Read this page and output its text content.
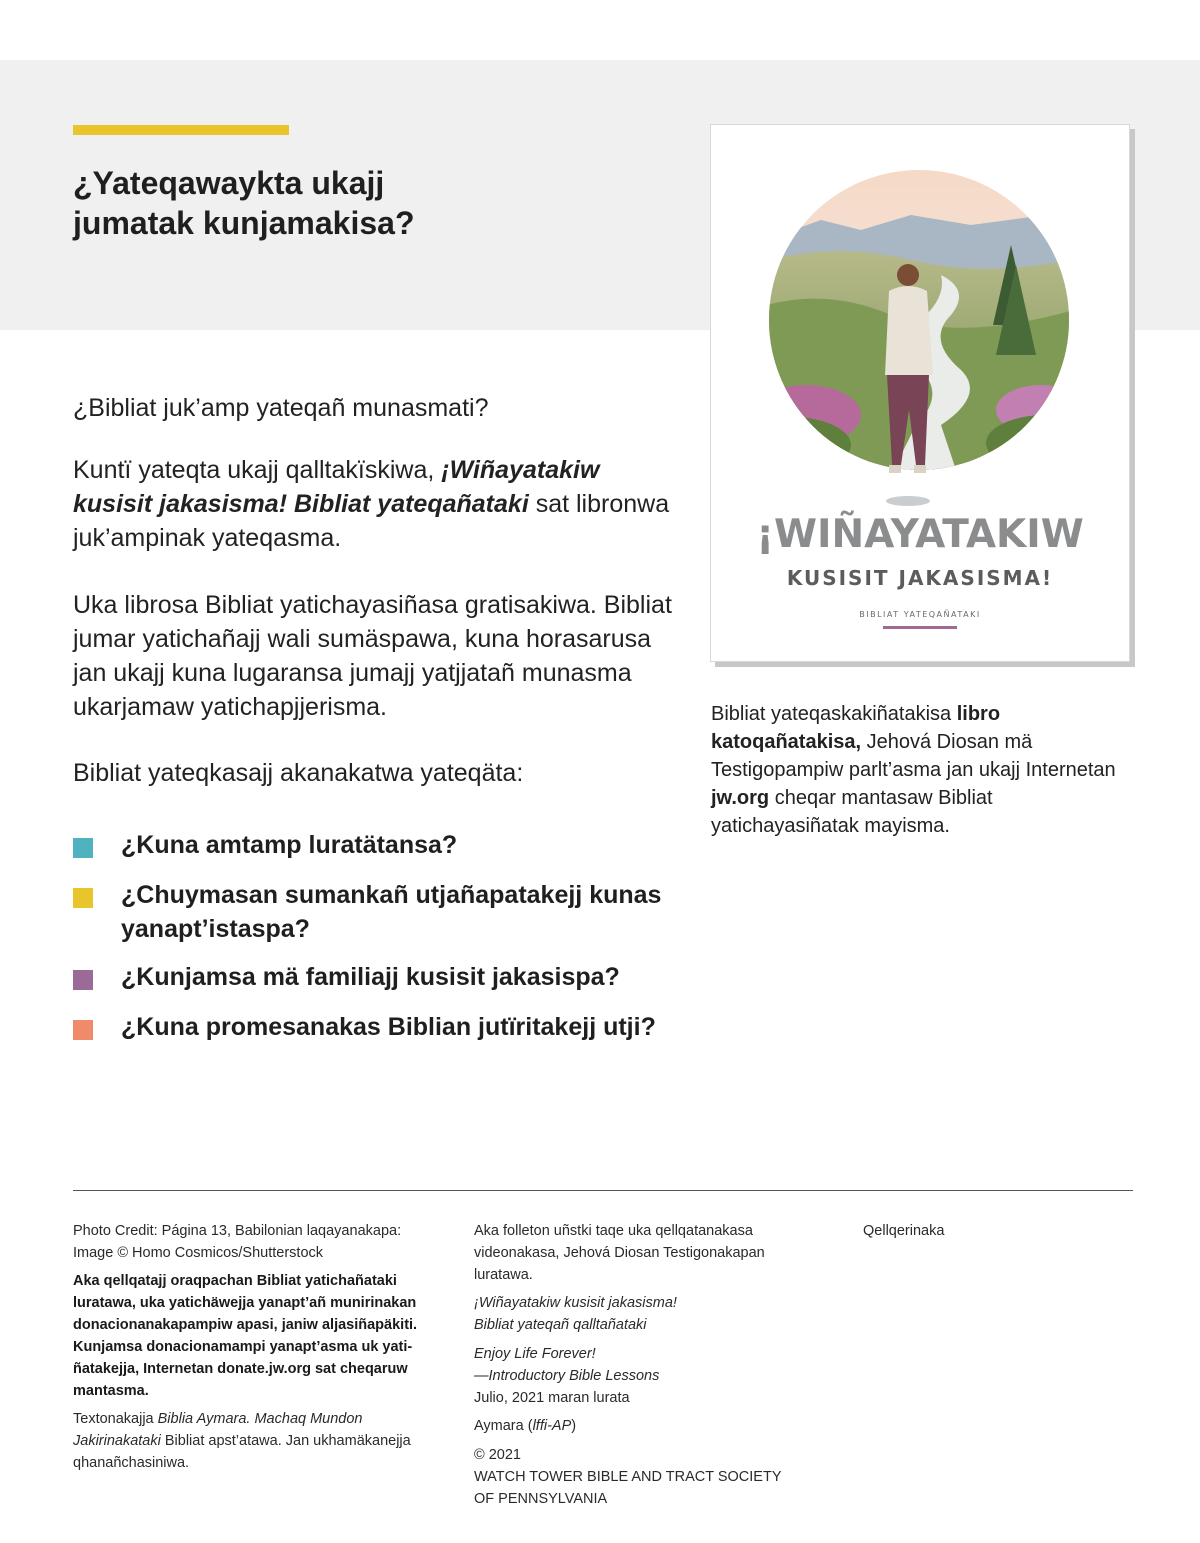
¿Yateqawaykta ukajj
jumatak kunjamakisa?

¿Bibliat juk’amp yateqañ munasmati?

Kuntï yateqta ukajj qalltakïskiwa, ¡Wiñayatakiw kusisit jakasisma! Bibliat yateqañataki sat libronwa juk’ampinak yateqasma.

Uka librosa Bibliat yatichayasiñasa gratisakiwa. Bibliat jumar yatichañajj wali sumäspawa, kuna horasarusa jan ukajj kuna lugaransa jumajj yatjjatañ munasma ukarjamaw yatichapjjerisma.

Bibliat yateqkasajj akanakatwa yateqäta:

¿Kuna amtamp luratätansa?
¿Chuymasan sumankañ utjañapatakejj kunas yanapt’istaspa?
¿Kunjamsa mä familiajj kusisit jakasispa?
¿Kuna promesanakas Biblian jutïritakejj utji?
¡WIÑAYATAKIW
KUSISIT JAKASISMA!
BIBLIAT YATEQAÑATAKI

Bibliat yateqaskakiñatakisa libro katoqañatakisa, Jehová Diosan mä Testigopampiw parlt’asma jan ukajj Internetan jw.org cheqar mantasaw Bibliat yatichayasiñatak mayisma.

Photo Credit: Página 13, Babilonian laqayanakapa:
Image © Homo Cosmicos/Shutterstock

Aka qellqatajj oraqpachan Bibliat yatichañataki
luratawa, uka yatichäwejja yanapt’añ munirinakan
donacionanakapampiw apasi, janiw aljasiñapäkiti.
Kunjamsa donacionamampi yanapt’asma uk yati-
ñatakejja, Internetan donate.jw.org sat cheqaruw
mantasma.

Textonakajja Biblia Aymara. Machaq Mundon Jakirinakataki Bibliat apst’atawa. Jan ukhamäkanejja qhanañchasiniwa.

Aka folleton uñstki taqe uka qellqatanakasa videonakasa, Jehová Diosan Testigonakapan luratawa.

¡Wiñayatakiw kusisit jakasisma!
Bibliat yateqañ qalltañataki

Enjoy Life Forever!
—Introductory Bible Lessons
Julio, 2021 maran lurata

Aymara (lffi-AP)

© 2021
WATCH TOWER BIBLE AND TRACT SOCIETY
OF PENNSYLVANIA

Qellqerinaka
